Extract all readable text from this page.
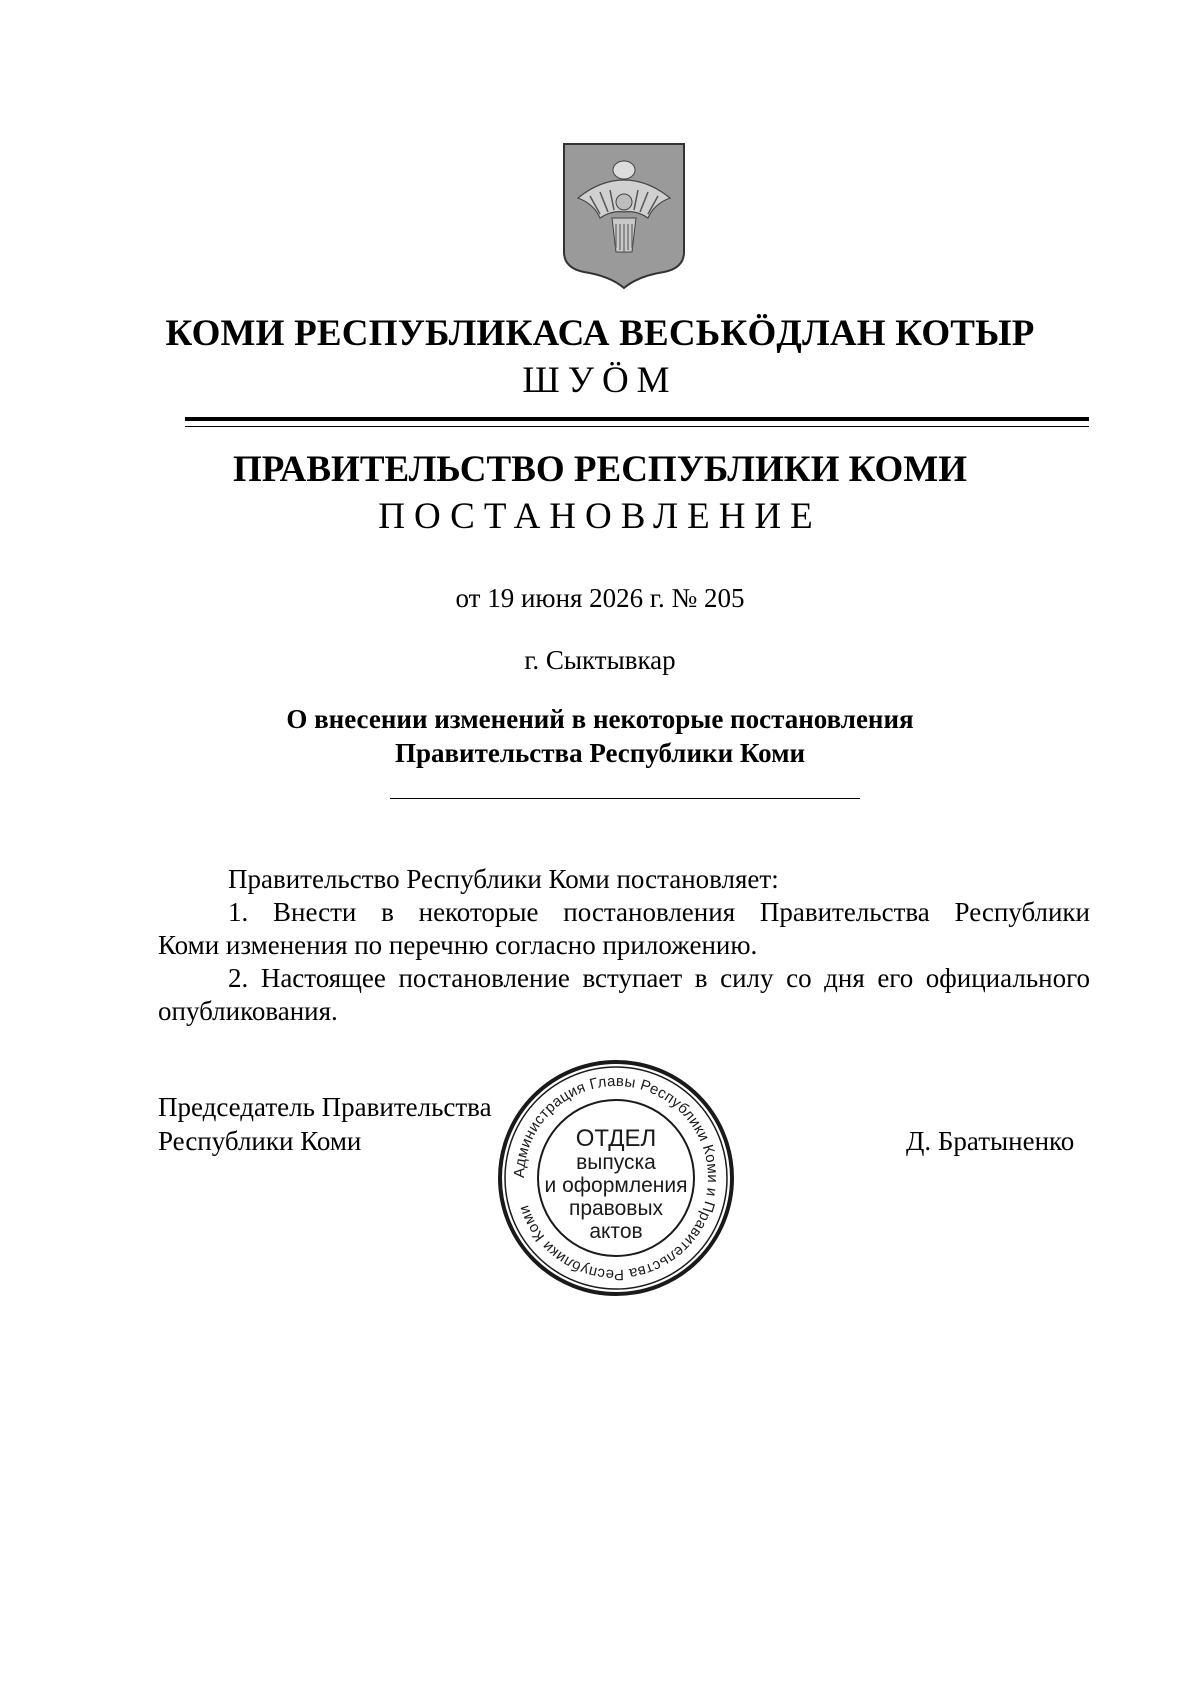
КОМИ РЕСПУБЛИКАСА ВЕСЬКӦДЛАН КОТЫР
ШУӦМ
ПРАВИТЕЛЬСТВО РЕСПУБЛИКИ КОМИ
ПОСТАНОВЛЕНИЕ
от 19 июня 2026 г. № 205
г. Сыктывкар
О внесении изменений в некоторые постановления
Правительства Республики Коми
Правительство Республики Коми постановляет:
1. Внести в некоторые постановления Правительства Республики
Коми изменения по перечню согласно приложению.
2. Настоящее постановление вступает в силу со дня его официального
опубликования.
Председатель Правительства
Республики Коми	Д. Братыненко
Администрация Главы Республики Коми и Правительства Республики Коми
ОТДЕЛ
выпуска
и оформления
правовых
актов
